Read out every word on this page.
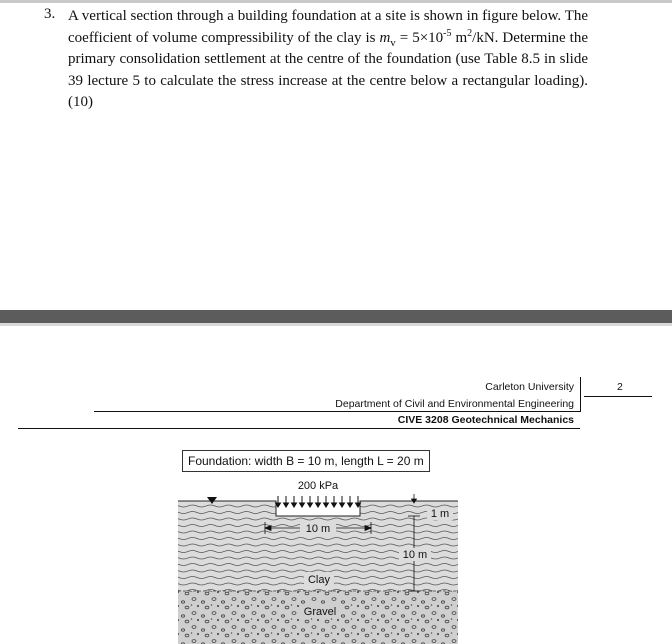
3. A vertical section through a building foundation at a site is shown in figure below. The coefficient of volume compressibility of the clay is $m_v = 5\times 10^{-5}$ $m^2/kN$. Determine the primary consolidation settlement at the centre of the foundation (use Table 8.5 in slide 39 lecture 5 to calculate the stress increase at the centre below a rectangular loading). (10)
Carleton University
Department of Civil and Environmental Engineering
CIVE 3208 Geotechnical Mechanics
2
Foundation: width B = 10 m, length L = 20 m
200 kPa
10 m
1 m
10 m
Clay
Gravel
